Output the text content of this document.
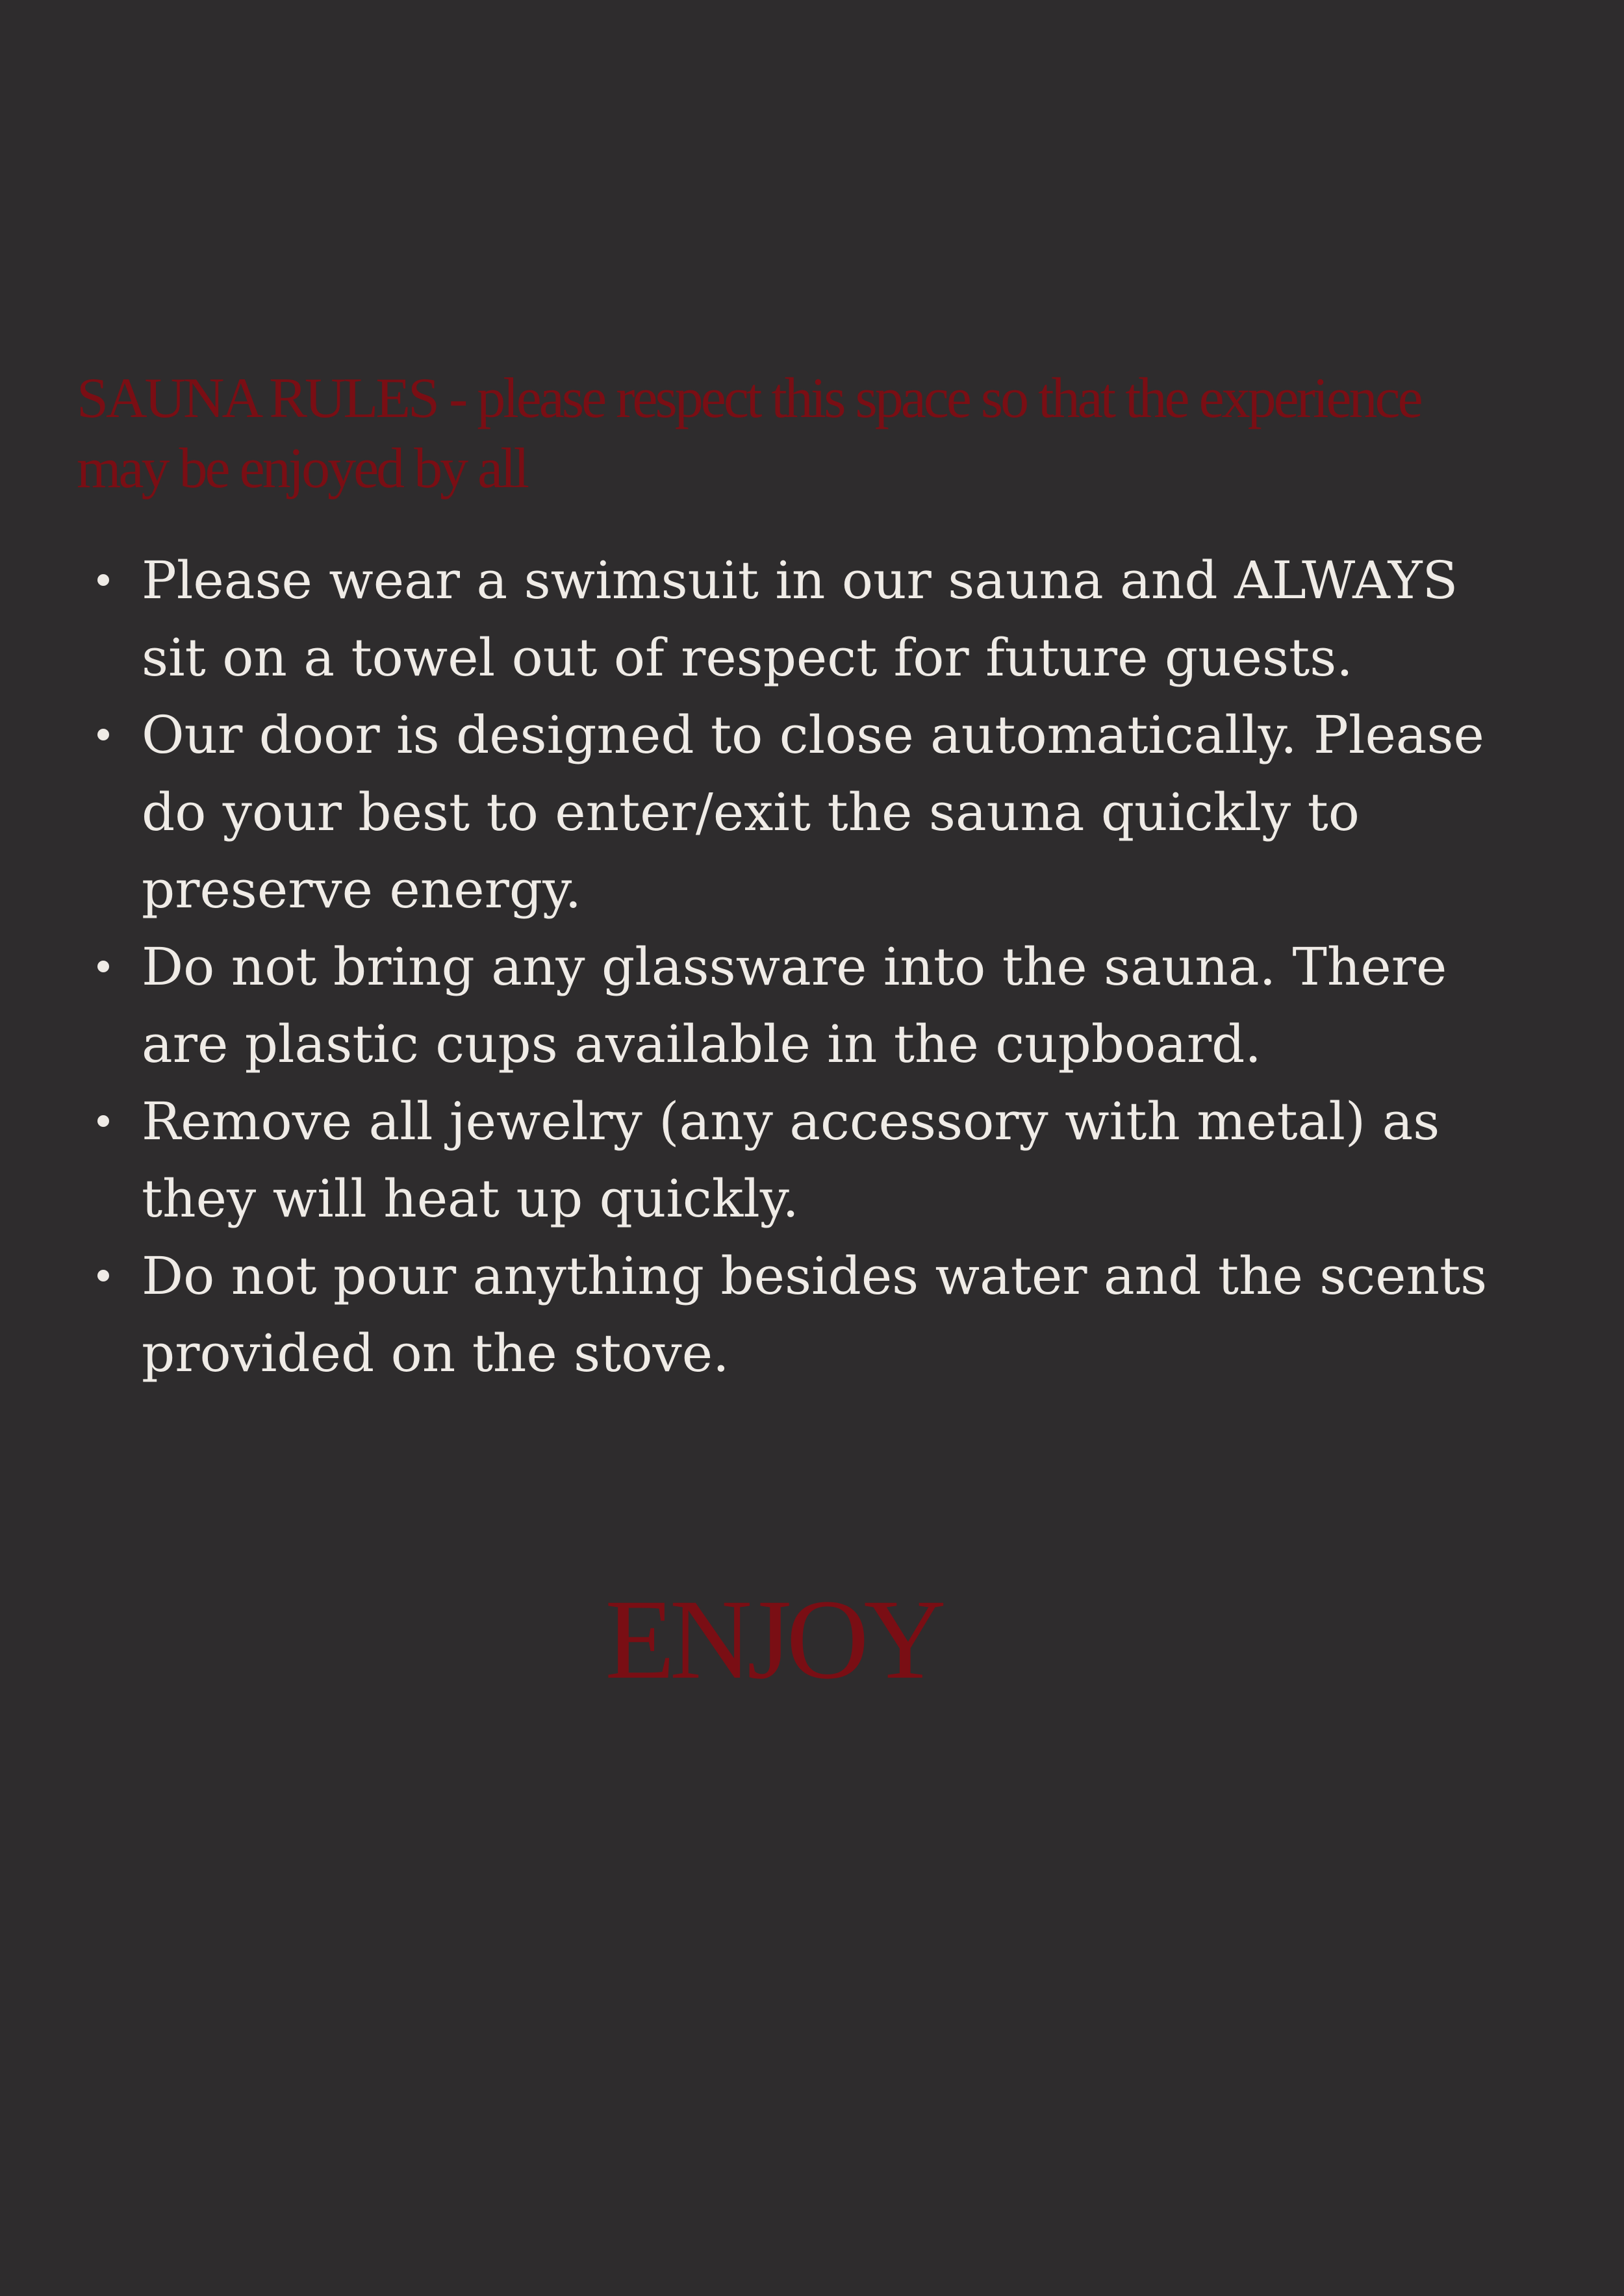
SAUNA RULES - please respect this space so that the experience may be enjoyed by all
Please wear a swimsuit in our sauna and ALWAYS sit on a towel out of respect for future guests.
Our door is designed to close automatically. Please do your best to enter/exit the sauna quickly to preserve energy.
Do not bring any glassware into the sauna. There are plastic cups available in the cupboard.
Remove all jewelry (any accessory with metal) as they will heat up quickly.
Do not pour anything besides water and the scents provided on the stove.
ENJOY
